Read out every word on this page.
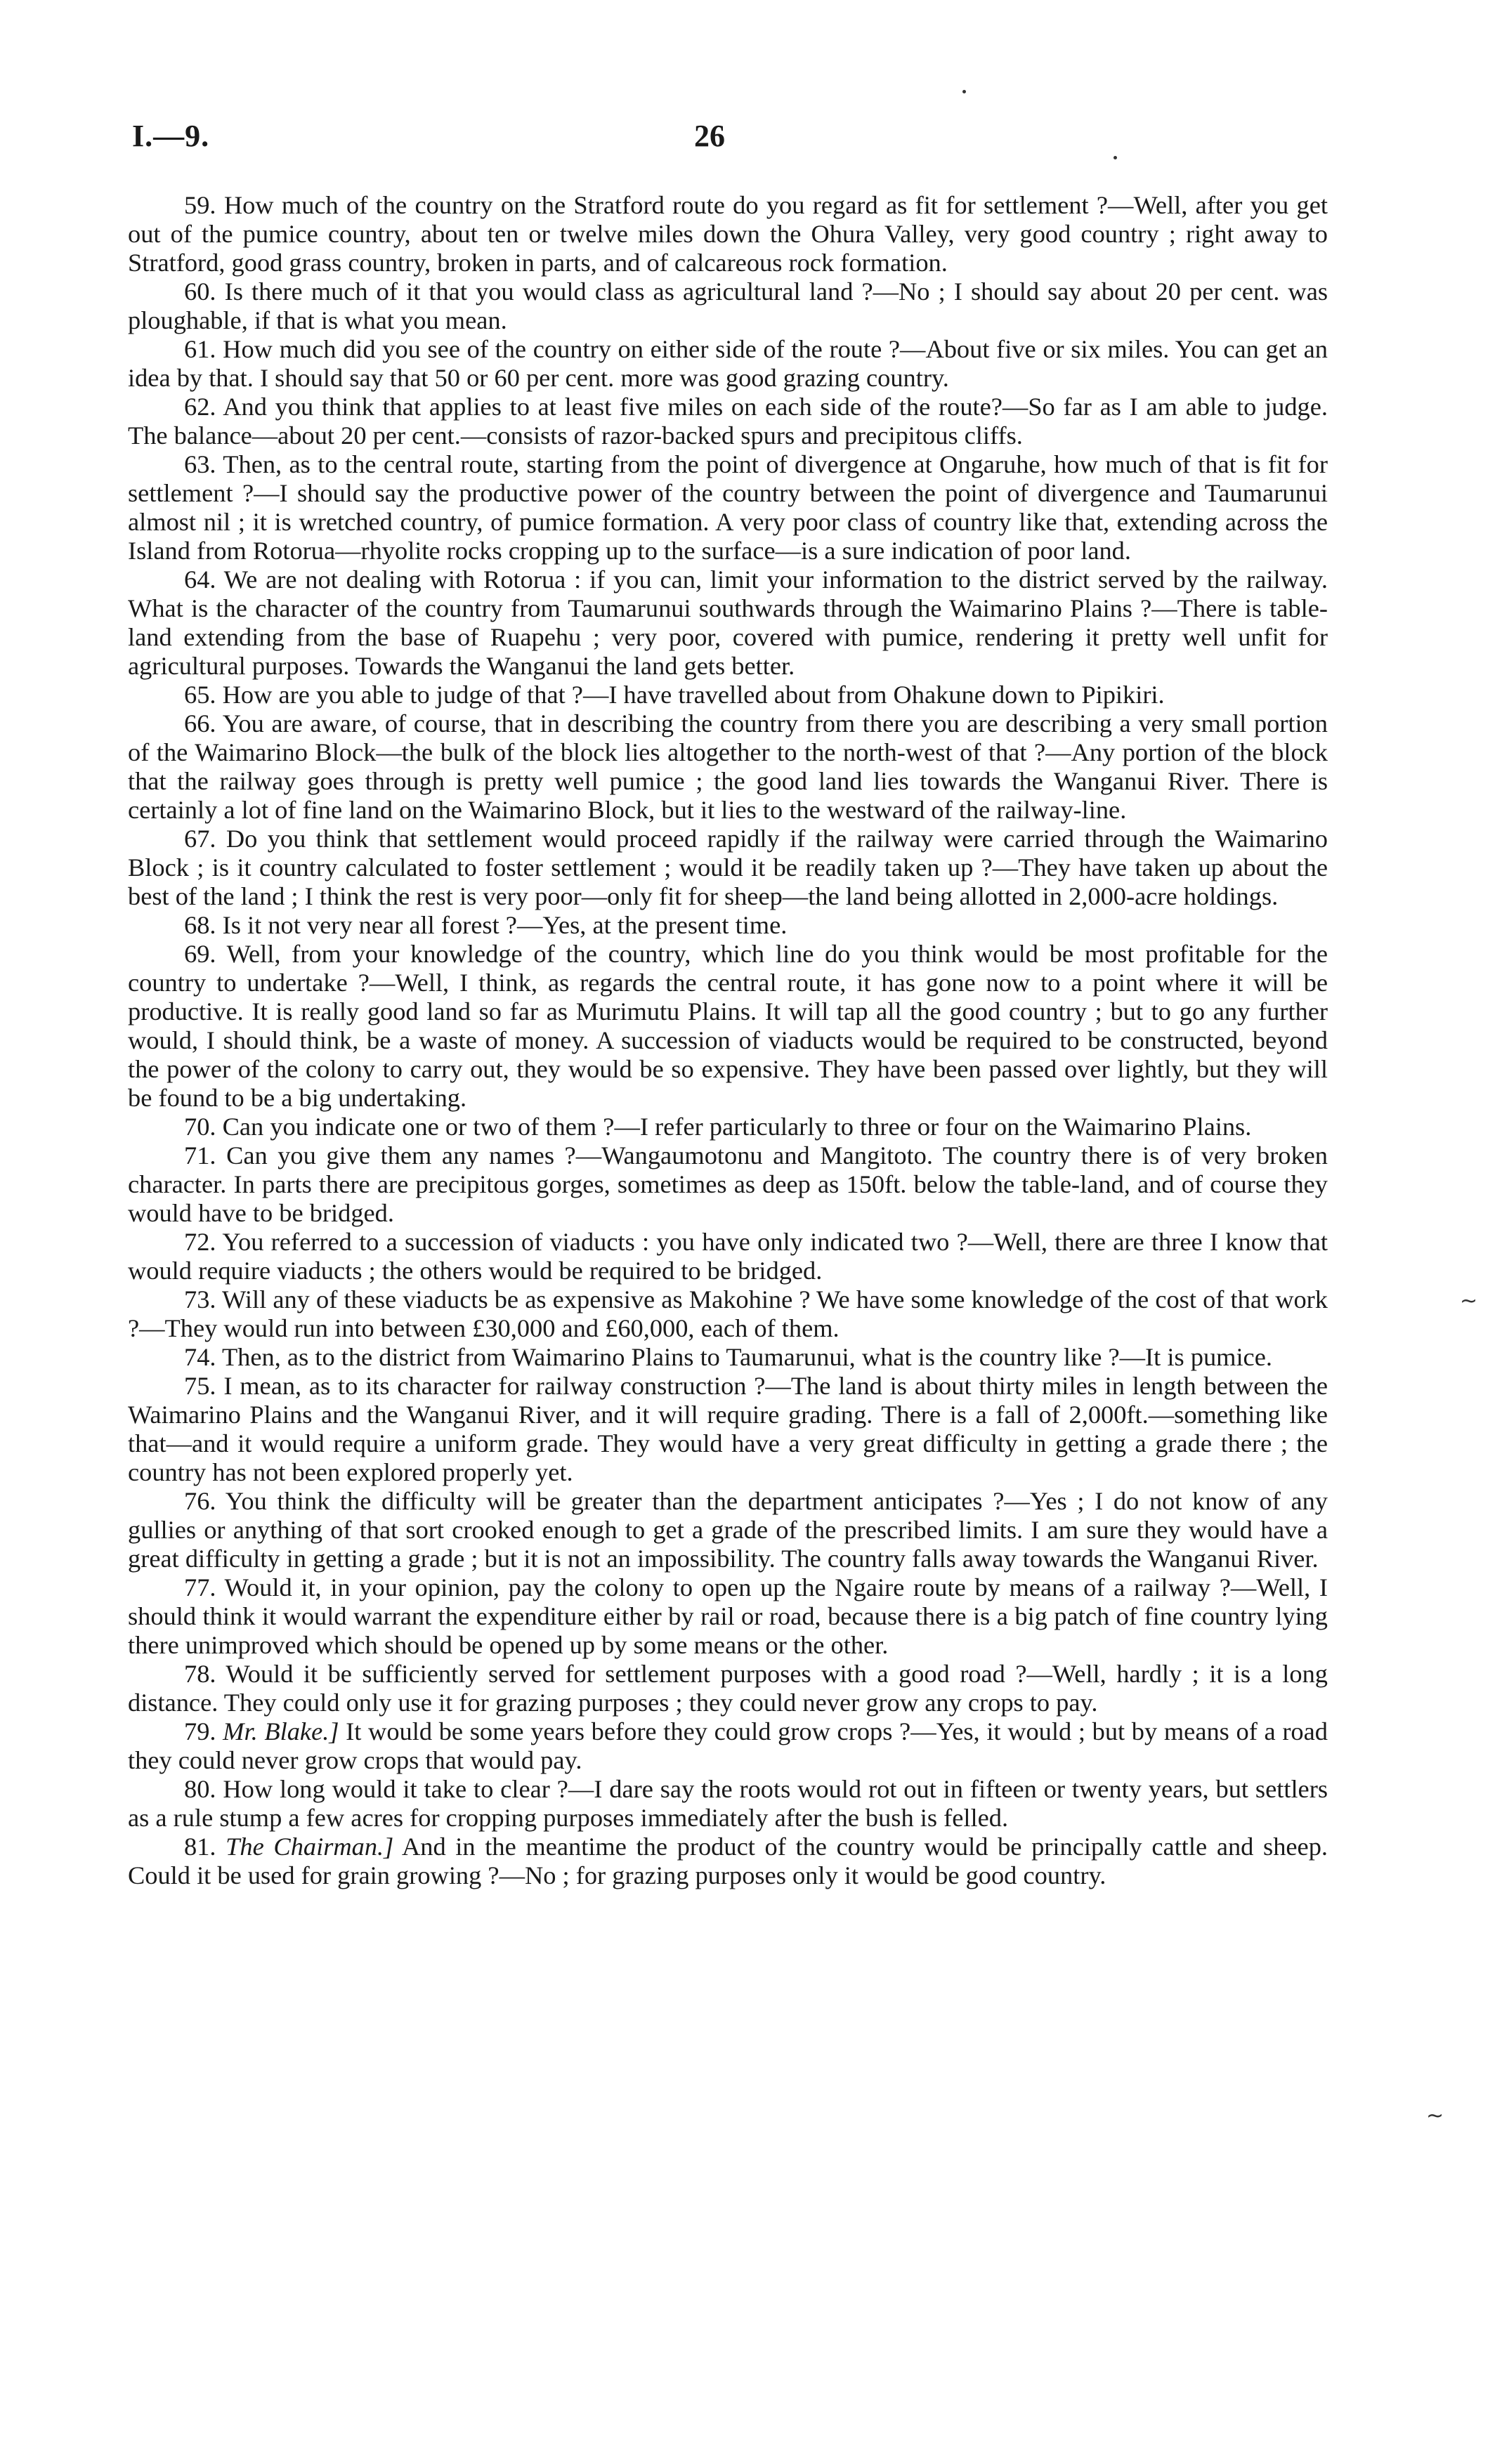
I.—9.	26
~
~

59. How much of the country on the Stratford route do you regard as fit for settlement ?—Well, after you get out of the pumice country, about ten or twelve miles down the Ohura Valley, very good country ; right away to Stratford, good grass country, broken in parts, and of calcareous rock formation.

60. Is there much of it that you would class as agricultural land ?—No ; I should say about 20 per cent. was ploughable, if that is what you mean.

61. How much did you see of the country on either side of the route ?—About five or six miles. You can get an idea by that. I should say that 50 or 60 per cent. more was good grazing country.

62. And you think that applies to at least five miles on each side of the route?—So far as I am able to judge. The balance—about 20 per cent.—consists of razor-backed spurs and precipitous cliffs.

63. Then, as to the central route, starting from the point of divergence at Ongaruhe, how much of that is fit for settlement ?—I should say the productive power of the country between the point of divergence and Taumarunui almost nil ; it is wretched country, of pumice formation. A very poor class of country like that, extending across the Island from Rotorua—rhyolite rocks cropping up to the surface—is a sure indication of poor land.

64. We are not dealing with Rotorua : if you can, limit your information to the district served by the railway. What is the character of the country from Taumarunui southwards through the Waimarino Plains ?—There is table-land extending from the base of Ruapehu ; very poor, covered with pumice, rendering it pretty well unfit for agricultural purposes. Towards the Wanganui the land gets better.

65. How are you able to judge of that ?—I have travelled about from Ohakune down to Pipikiri.

66. You are aware, of course, that in describing the country from there you are describing a very small portion of the Waimarino Block—the bulk of the block lies altogether to the north-west of that ?—Any portion of the block that the railway goes through is pretty well pumice ; the good land lies towards the Wanganui River. There is certainly a lot of fine land on the Waimarino Block, but it lies to the westward of the railway-line.

67. Do you think that settlement would proceed rapidly if the railway were carried through the Waimarino Block ; is it country calculated to foster settlement ; would it be readily taken up ?—They have taken up about the best of the land ; I think the rest is very poor—only fit for sheep—the land being allotted in 2,000-acre holdings.

68. Is it not very near all forest ?—Yes, at the present time.

69. Well, from your knowledge of the country, which line do you think would be most profitable for the country to undertake ?—Well, I think, as regards the central route, it has gone now to a point where it will be productive. It is really good land so far as Murimutu Plains. It will tap all the good country ; but to go any further would, I should think, be a waste of money. A succession of viaducts would be required to be constructed, beyond the power of the colony to carry out, they would be so expensive. They have been passed over lightly, but they will be found to be a big undertaking.

70. Can you indicate one or two of them ?—I refer particularly to three or four on the Waimarino Plains.

71. Can you give them any names ?—Wangaumotonu and Mangitoto. The country there is of very broken character. In parts there are precipitous gorges, sometimes as deep as 150ft. below the table-land, and of course they would have to be bridged.

72. You referred to a succession of viaducts : you have only indicated two ?—Well, there are three I know that would require viaducts ; the others would be required to be bridged.

73. Will any of these viaducts be as expensive as Makohine ? We have some knowledge of the cost of that work ?—They would run into between £30,000 and £60,000, each of them.

74. Then, as to the district from Waimarino Plains to Taumarunui, what is the country like ?—It is pumice.

75. I mean, as to its character for railway construction ?—The land is about thirty miles in length between the Waimarino Plains and the Wanganui River, and it will require grading. There is a fall of 2,000ft.—something like that—and it would require a uniform grade. They would have a very great difficulty in getting a grade there ; the country has not been explored properly yet.

76. You think the difficulty will be greater than the department anticipates ?—Yes ; I do not know of any gullies or anything of that sort crooked enough to get a grade of the prescribed limits. I am sure they would have a great difficulty in getting a grade ; but it is not an impossibility. The country falls away towards the Wanganui River.

77. Would it, in your opinion, pay the colony to open up the Ngaire route by means of a railway ?—Well, I should think it would warrant the expenditure either by rail or road, because there is a big patch of fine country lying there unimproved which should be opened up by some means or the other.

78. Would it be sufficiently served for settlement purposes with a good road ?—Well, hardly ; it is a long distance. They could only use it for grazing purposes ; they could never grow any crops to pay.

79. Mr. Blake.] It would be some years before they could grow crops ?—Yes, it would ; but by means of a road they could never grow crops that would pay.

80. How long would it take to clear ?—I dare say the roots would rot out in fifteen or twenty years, but settlers as a rule stump a few acres for cropping purposes immediately after the bush is felled.

81. The Chairman.] And in the meantime the product of the country would be principally cattle and sheep. Could it be used for grain growing ?—No ; for grazing purposes only it would be good country.
